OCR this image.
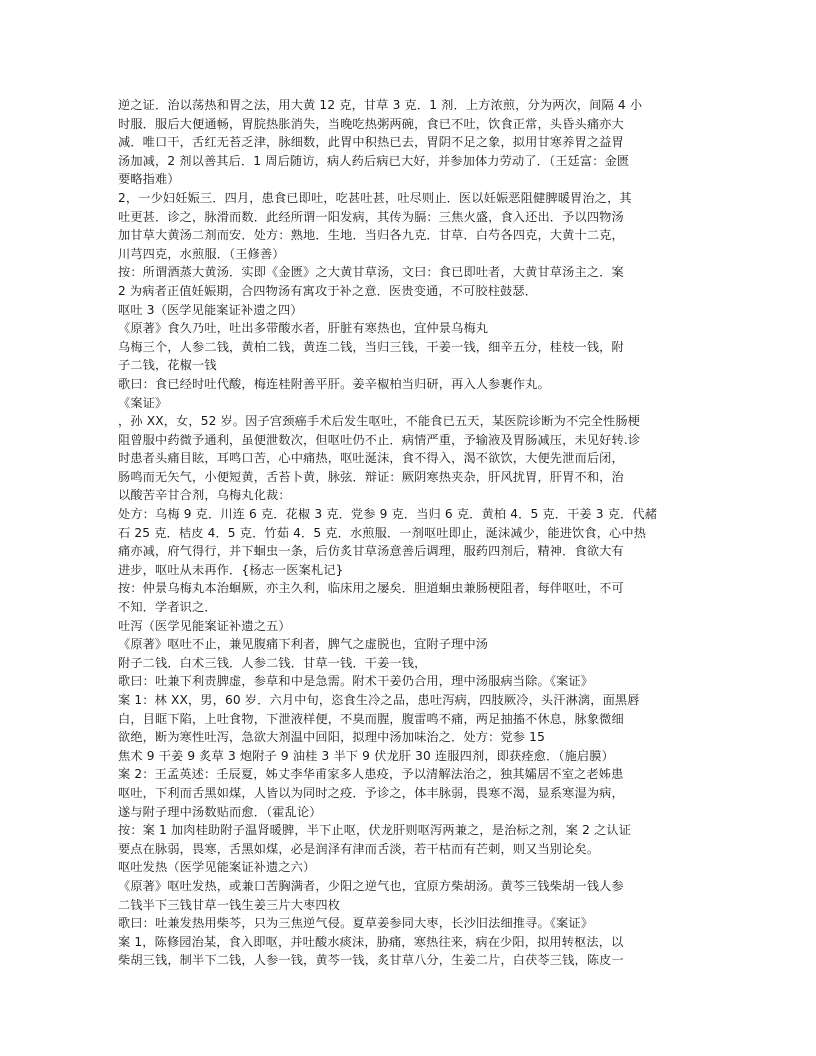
逆之证．治以荡热和胃之法，用大黄 12 克，甘草 3 克．1 剂．上方浓煎，分为两次，间隔 4 小
时服．服后大便通畅，胃脘热胀消失，当晚吃热粥两碗，食已不吐，饮食正常，头昏头痛亦大
减．唯口干，舌红无苔乏津，脉细数，此胃中积热已去，胃阴不足之象，拟用甘寒养胃之益胃
汤加减，2 剂以善其后．1 周后随访，病人药后病已大好，并参加体力劳动了．（王廷富：金匮
要略指难）
2，一少妇妊娠三．四月，患食已即吐，吃甚吐甚，吐尽则止．医以妊娠恶阻健脾暖胃治之，其
吐更甚．诊之，脉滑而数．此经所谓一阳发病，其传为膈：三焦火盛，食入还出．予以四物汤
加甘草大黄汤二剂而安．处方：熟地．生地．当归各九克．甘草．白芍各四克，大黄十二克，
川芎四克，水煎服．（王修善）
按：所谓酒蒸大黄汤．实即《金匮》之大黄甘草汤，文曰：食已即吐者，大黄甘草汤主之．案
2 为病者正值妊娠期，合四物汤有寓攻于补之意．医贵变通，不可胶柱鼓瑟．
呕吐 3（医学见能案证补遗之四）
《原著》食久乃吐，吐出多带酸水者，肝脏有寒热也，宜仲景乌梅丸
乌梅三个，人参二钱，黄柏二钱，黄连二钱，当归三钱，干姜一钱，细辛五分，桂枝一钱，附
子二钱，花椒一钱
歌曰：食已经时吐代酸，梅连桂附善平肝。姜辛椒柏当归研，再入人参裹作丸。
《案证》
，孙 XX，女，52 岁。因子宫颈癌手术后发生呕吐，不能食已五天，某医院诊断为不完全性肠梗
阻曾服中药微予通利，虽便泄数次，但呕吐仍不止．病情严重，予输液及胃肠减压，未见好转.诊
时患者头痛目眩，耳鸣口苦，心中痛热，呕吐涎沫，食不得入，渴不欲饮，大便先泄而后闭，
肠鸣而无矢气，小便短黄，舌苔卜黄，脉弦．辩证：厥阴寒热夹杂，肝风扰胃，肝胃不和，治
以酸苦辛甘合剂，乌梅丸化裁：
处方：乌梅 9 克．川连 6 克．花椒 3 克．党参 9 克．当归 6 克．黄柏 4．5 克．干姜 3 克．代赭
石 25 克．桔皮 4．5 克．竹茹 4．5 克．水煎服．一剂呕吐即止，涎沫减少，能进饮食，心中热
痛亦减，府气得行，并下蛔虫一条，后仿炙甘草汤意善后调理，服药四剂后，精神．食欲大有
进步，呕吐从未再作．{杨志一医案札记}
按：仲景乌梅丸本治蛔厥，亦主久利，临床用之屡矣．胆道蛔虫兼肠梗阻者，每伴呕吐，不可
不知．学者识之．
吐泻（医学见能案证补遗之五）
《原著》呕吐不止，兼见腹痛下利者，脾气之虚脱也，宜附子理中汤
附子二钱．白术三钱．人参二钱．甘草一钱．干姜一钱，
歌曰：吐兼下利责脾虚，参草和中是急需。附术干姜仍合用，理中汤服病当除。《案证》
案 1：林 XX，男，60 岁．六月中旬，恣食生冷之品，患吐泻病，四肢厥冷，头汗淋漓，面黑唇
白，目眶下陷，上吐食物，下泄液样便，不臭而腥，腹雷鸣不痛，两足抽搐不休息，脉象微细
欲绝，断为寒性吐泻，急欲大剂温中回阳，拟理中汤加味治之．处方：党参 15
焦术 9 干姜 9 炙草 3 炮附子 9 油桂 3 半下 9 伏龙肝 30 连服四剂，即获痊愈．（施启膜）
案 2：王孟英述：壬辰夏，姊丈李华甫家多人患疫，予以清解法治之，独其孀居不室之老姊患
呕吐，下利而舌黑如煤，人皆以为同时之疫．予诊之，体丰脉弱，畏寒不渴，显系寒湿为病，
遂与附子理中汤数贴而愈．（霍乱论）
按：案 1 加肉桂助附子温肾暖脾，半下止呕，伏龙肝则呕泻两兼之，是治标之剂，案 2 之认证
要点在脉弱，畏寒，舌黑如煤，必是润泽有津而舌淡，若干枯而有芒刺，则又当别论矣。
呕吐发热（医学见能案证补遗之六）
《原著》呕吐发热，或兼口苦胸满者，少阳之逆气也，宜原方柴胡汤。黄芩三钱柴胡一钱人参
二钱半下三钱甘草一钱生姜三片大枣四枚
歌曰：吐兼发热用柴芩，只为三焦逆气侵。夏草姜参同大枣，长沙旧法细推寻。《案证》
案 1，陈修园治某，食入即呕，并吐酸水痰沫，胁痛，寒热往来，病在少阳，拟用转枢法，以
柴胡三钱，制半下二钱，人参一钱，黄芩一钱，炙甘草八分，生姜二片，白茯苓三钱，陈皮一
